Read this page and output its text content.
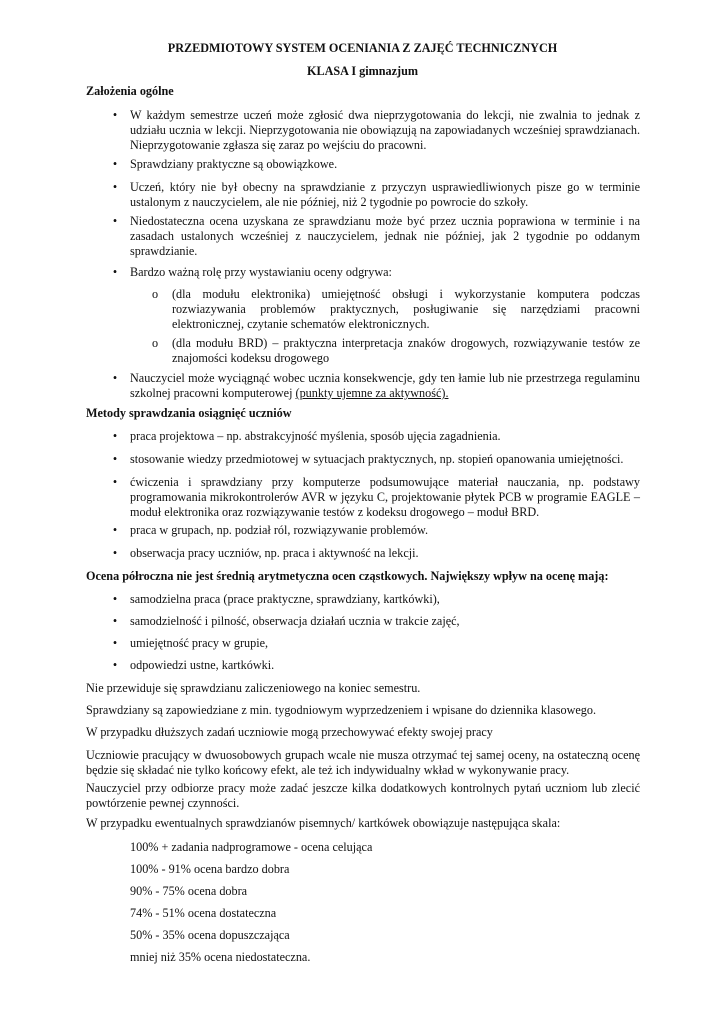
PRZEDMIOTOWY SYSTEM OCENIANIA Z ZAJĘĆ TECHNICZNYCH
KLASA I gimnazjum
Założenia ogólne
•	W każdym semestrze uczeń może zgłosić dwa nieprzygotowania do lekcji, nie zwalnia to jednak z udziału ucznia w lekcji. Nieprzygotowania nie obowiązują na zapowiadanych wcześniej sprawdzianach. Nieprzygotowanie zgłasza się zaraz po wejściu do pracowni.
•	Sprawdziany praktyczne są obowiązkowe.
•	Uczeń, który nie był obecny na sprawdzianie z przyczyn usprawiedliwionych pisze go w terminie ustalonym z nauczycielem, ale nie później, niż 2 tygodnie po powrocie do szkoły.
•	Niedostateczna ocena uzyskana ze sprawdzianu może być przez ucznia poprawiona w terminie i na zasadach ustalonych wcześniej z nauczycielem, jednak nie później, jak 2 tygodnie po oddanym sprawdzianie.
•	Bardzo ważną rolę przy wystawianiu oceny odgrywa:
o	(dla modułu elektronika) umiejętność obsługi i wykorzystanie komputera podczas rozwiazywania problemów praktycznych, posługiwanie się narzędziami pracowni elektronicznej, czytanie schematów elektronicznych.
o	(dla modułu BRD) – praktyczna interpretacja znaków drogowych, rozwiązywanie testów ze znajomości kodeksu drogowego
•	Nauczyciel może wyciągnąć wobec ucznia konsekwencje, gdy ten łamie lub nie przestrzega regulaminu szkolnej pracowni komputerowej (punkty ujemne za aktywność).
Metody sprawdzania osiągnięć uczniów
•	praca projektowa – np. abstrakcyjność myślenia, sposób ujęcia zagadnienia.
•	stosowanie wiedzy przedmiotowej w sytuacjach praktycznych, np. stopień opanowania umiejętności.
•	ćwiczenia i sprawdziany przy komputerze podsumowujące materiał nauczania, np. podstawy programowania mikrokontrolerów AVR w języku C, projektowanie płytek PCB w programie EAGLE – moduł elektronika oraz rozwiązywanie testów z kodeksu drogowego – moduł BRD.
•	praca w grupach, np. podział ról, rozwiązywanie problemów.
•	obserwacja pracy uczniów, np. praca i aktywność na lekcji.
Ocena półroczna nie jest średnią arytmetyczna ocen cząstkowych. Największy wpływ na ocenę mają:
•	samodzielna praca (prace praktyczne, sprawdziany, kartkówki),
•	samodzielność i pilność, obserwacja działań ucznia w trakcie zajęć,
•	umiejętność pracy w grupie,
•	odpowiedzi ustne, kartkówki.
Nie przewiduje się sprawdzianu zaliczeniowego na koniec semestru.
Sprawdziany są zapowiedziane z min. tygodniowym wyprzedzeniem i wpisane do dziennika klasowego.
W przypadku dłuższych zadań uczniowie mogą przechowywać efekty swojej pracy
Uczniowie pracujący w dwuosobowych grupach wcale nie musza otrzymać tej samej oceny, na ostateczną ocenę będzie się składać nie tylko końcowy efekt, ale też ich indywidualny wkład w wykonywanie pracy.
Nauczyciel przy odbiorze pracy może zadać jeszcze kilka dodatkowych kontrolnych pytań uczniom lub zlecić powtórzenie pewnej czynności.
W przypadku ewentualnych sprawdzianów pisemnych/ kartkówek obowiązuje następująca skala:
100% + zadania nadprogramowe - ocena celująca
100% - 91% ocena bardzo dobra
90% - 75% ocena dobra
74% - 51% ocena dostateczna
50% - 35% ocena dopuszczająca
mniej niż 35% ocena niedostateczna.
